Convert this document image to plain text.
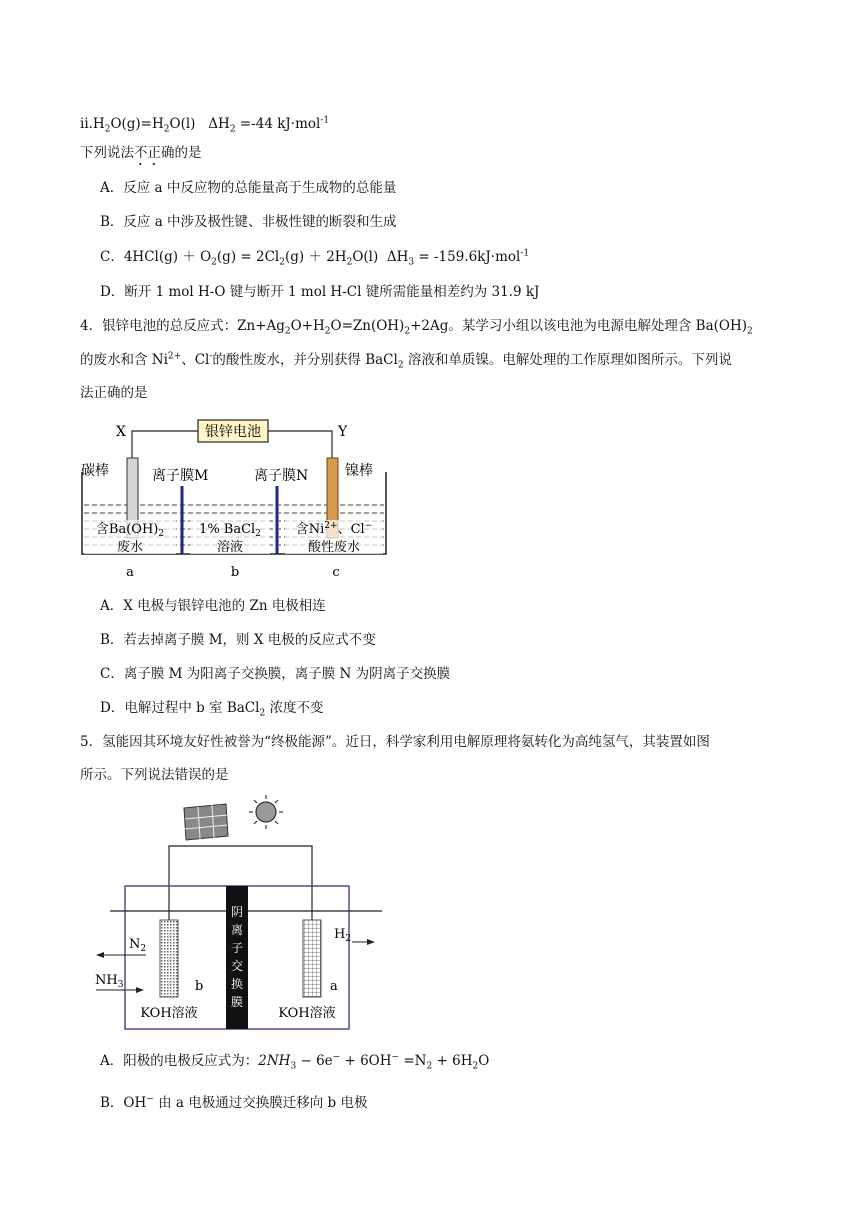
$ii.H_2O(g)=H_2O(l)$   $\Delta H_2 =-44$ kJ·mol$^{-1}$
下列说法不正确的是
A．反应 a 中反应物的总能量高于生成物的总能量
B．反应 a 中涉及极性键、非极性键的断裂和生成
C．$4HCl(g) + O_2(g) = 2Cl_2(g) + 2H_2O(l) \Delta H_3 = -159.6kJ\cdot mol^{-1}$
D．断开 1 mol H-O 键与断开 1 mol H-Cl 键所需能量相差约为 31.9 kJ
4．银锌电池的总反应式：$Zn+Ag_2O+H_2O=Zn(OH)_2+2Ag$。某学习小组以该电池为电源电解处理含 $Ba(OH)_2$
的废水和含 $Ni^{2+}$、Cl-的酸性废水，并分别获得 BaCl$_2$ 溶液和单质镍。电解处理的工作原理如图所示。下列说
法正确的是
银锌电池
X	Y
碳棒	镍棒
离子膜M	离子膜N
含$Ba(OH)_2$
废水
1% BaCl$_2$
溶液
含$Ni^{2+}$、Cl−
酸性废水
a	b	c
A．X 电极与银锌电池的 Zn 电极相连
B．若去掉离子膜 M，则 X 电极的反应式不变
C．离子膜 M 为阳离子交换膜，离子膜 N 为阴离子交换膜
D．电解过程中 b 室 BaCl$_2$ 浓度不变
5．氢能因其环境友好性被誉为“终极能源”。近日，科学家利用电解原理将氨转化为高纯氢气，其装置如图
所示。下列说法错误的是
阴
离
子
交
换
膜
$N_2$
$NH_3$
$H_2$
b	a
KOH溶液	KOH溶液
A．阳极的电极反应式为：$2NH_3 - 6e^- + 6OH^- =N_2 + 6H_2O$
B．OH− 由 a 电极通过交换膜迁移向 b 电极
